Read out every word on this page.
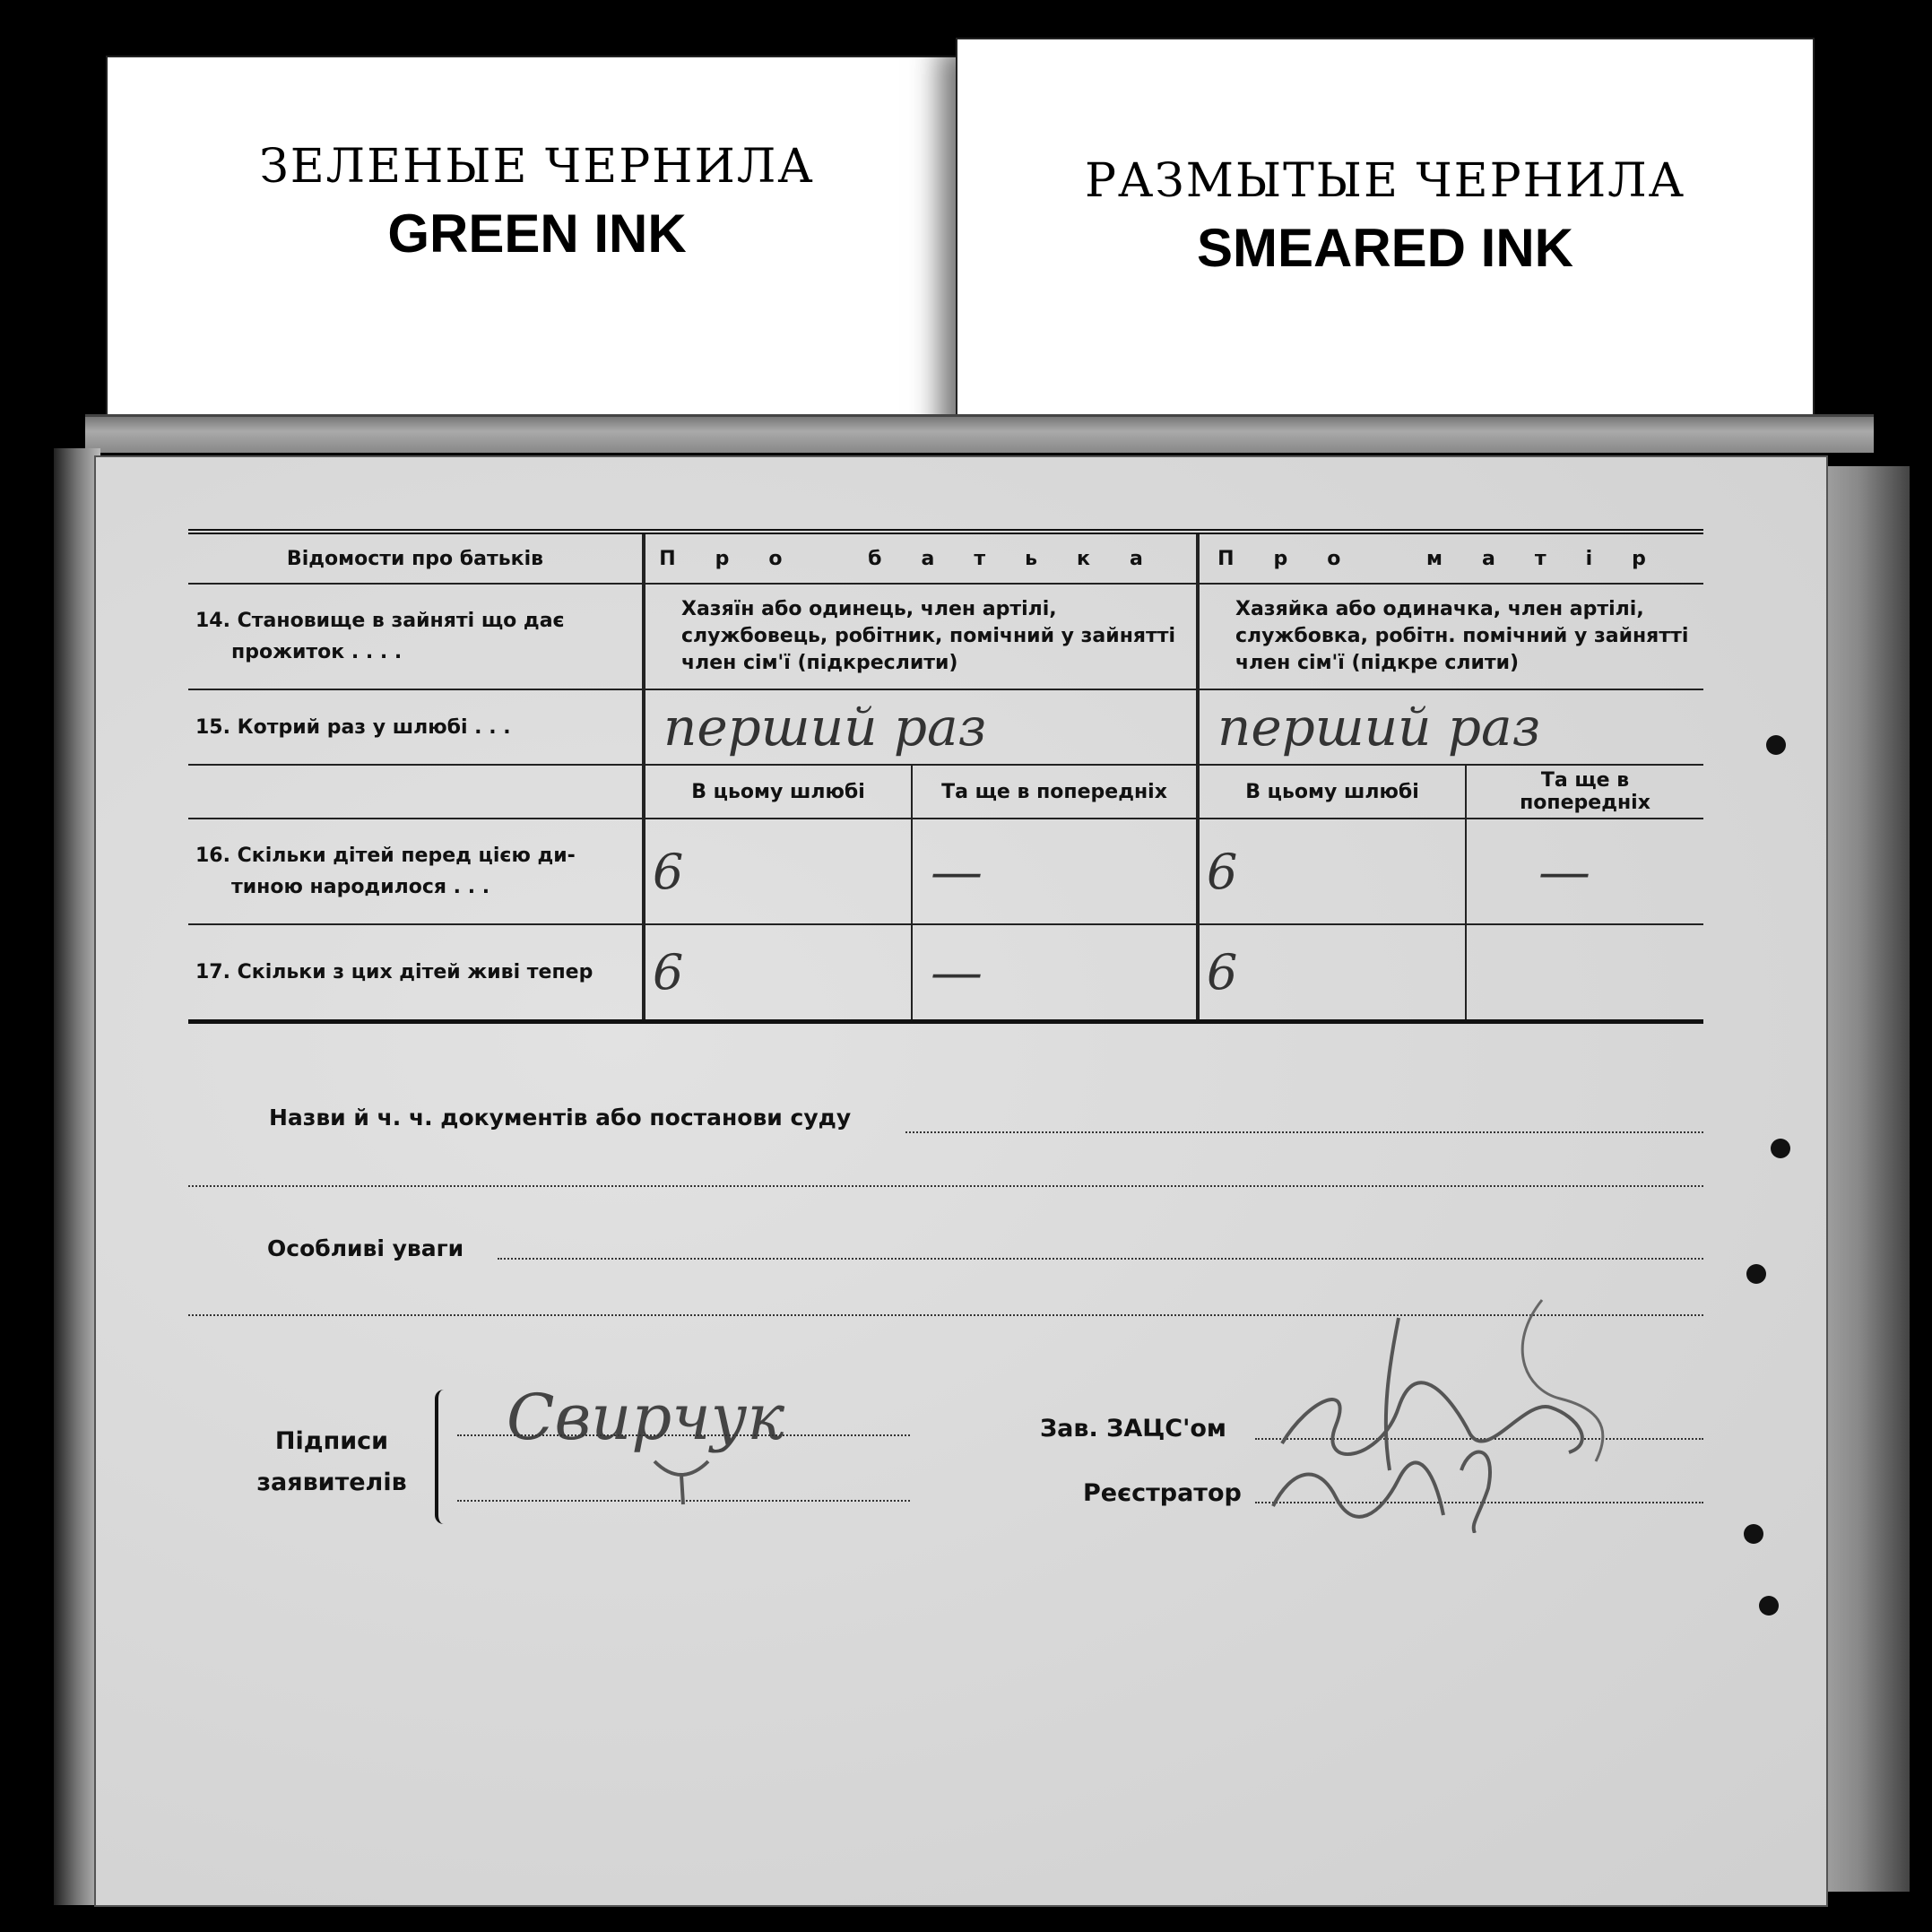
ЗЕЛЕНЫЕ ЧЕРНИЛА
GREEN INK
РАЗМЫТЫЕ ЧЕРНИЛА
SMEARED INK
Відомости про батьків	Про батька		Про матір	

14. Становище в зайняті що дає
прожиток . . . .	Хазяїн або одинець, член артілі, службовець, робітник, помічний у зайнятті член сім'ї (підкреслити)		Хазяйка або одиначка, член артілі, службовка, робітн. помічний у зайнятті член сім'ї (підкре слити)	
15. Котрий раз у шлюбі . . .	перший раз		перший раз	
	В цьому шлюбі	Та ще в попередніх	В цьому шлюбі	Та ще в попередніх

16. Скільки дітей перед цією ди-
тиною народилося . . .	6	—	6	—
17. Скільки з цих дітей живі тепер	6	—	6	
Назви й ч. ч. документів або постанови суду
Особливі уваги
Підписи
заявителів
Свирчук	Зав. ЗАЦС'ом
Реєстратор
